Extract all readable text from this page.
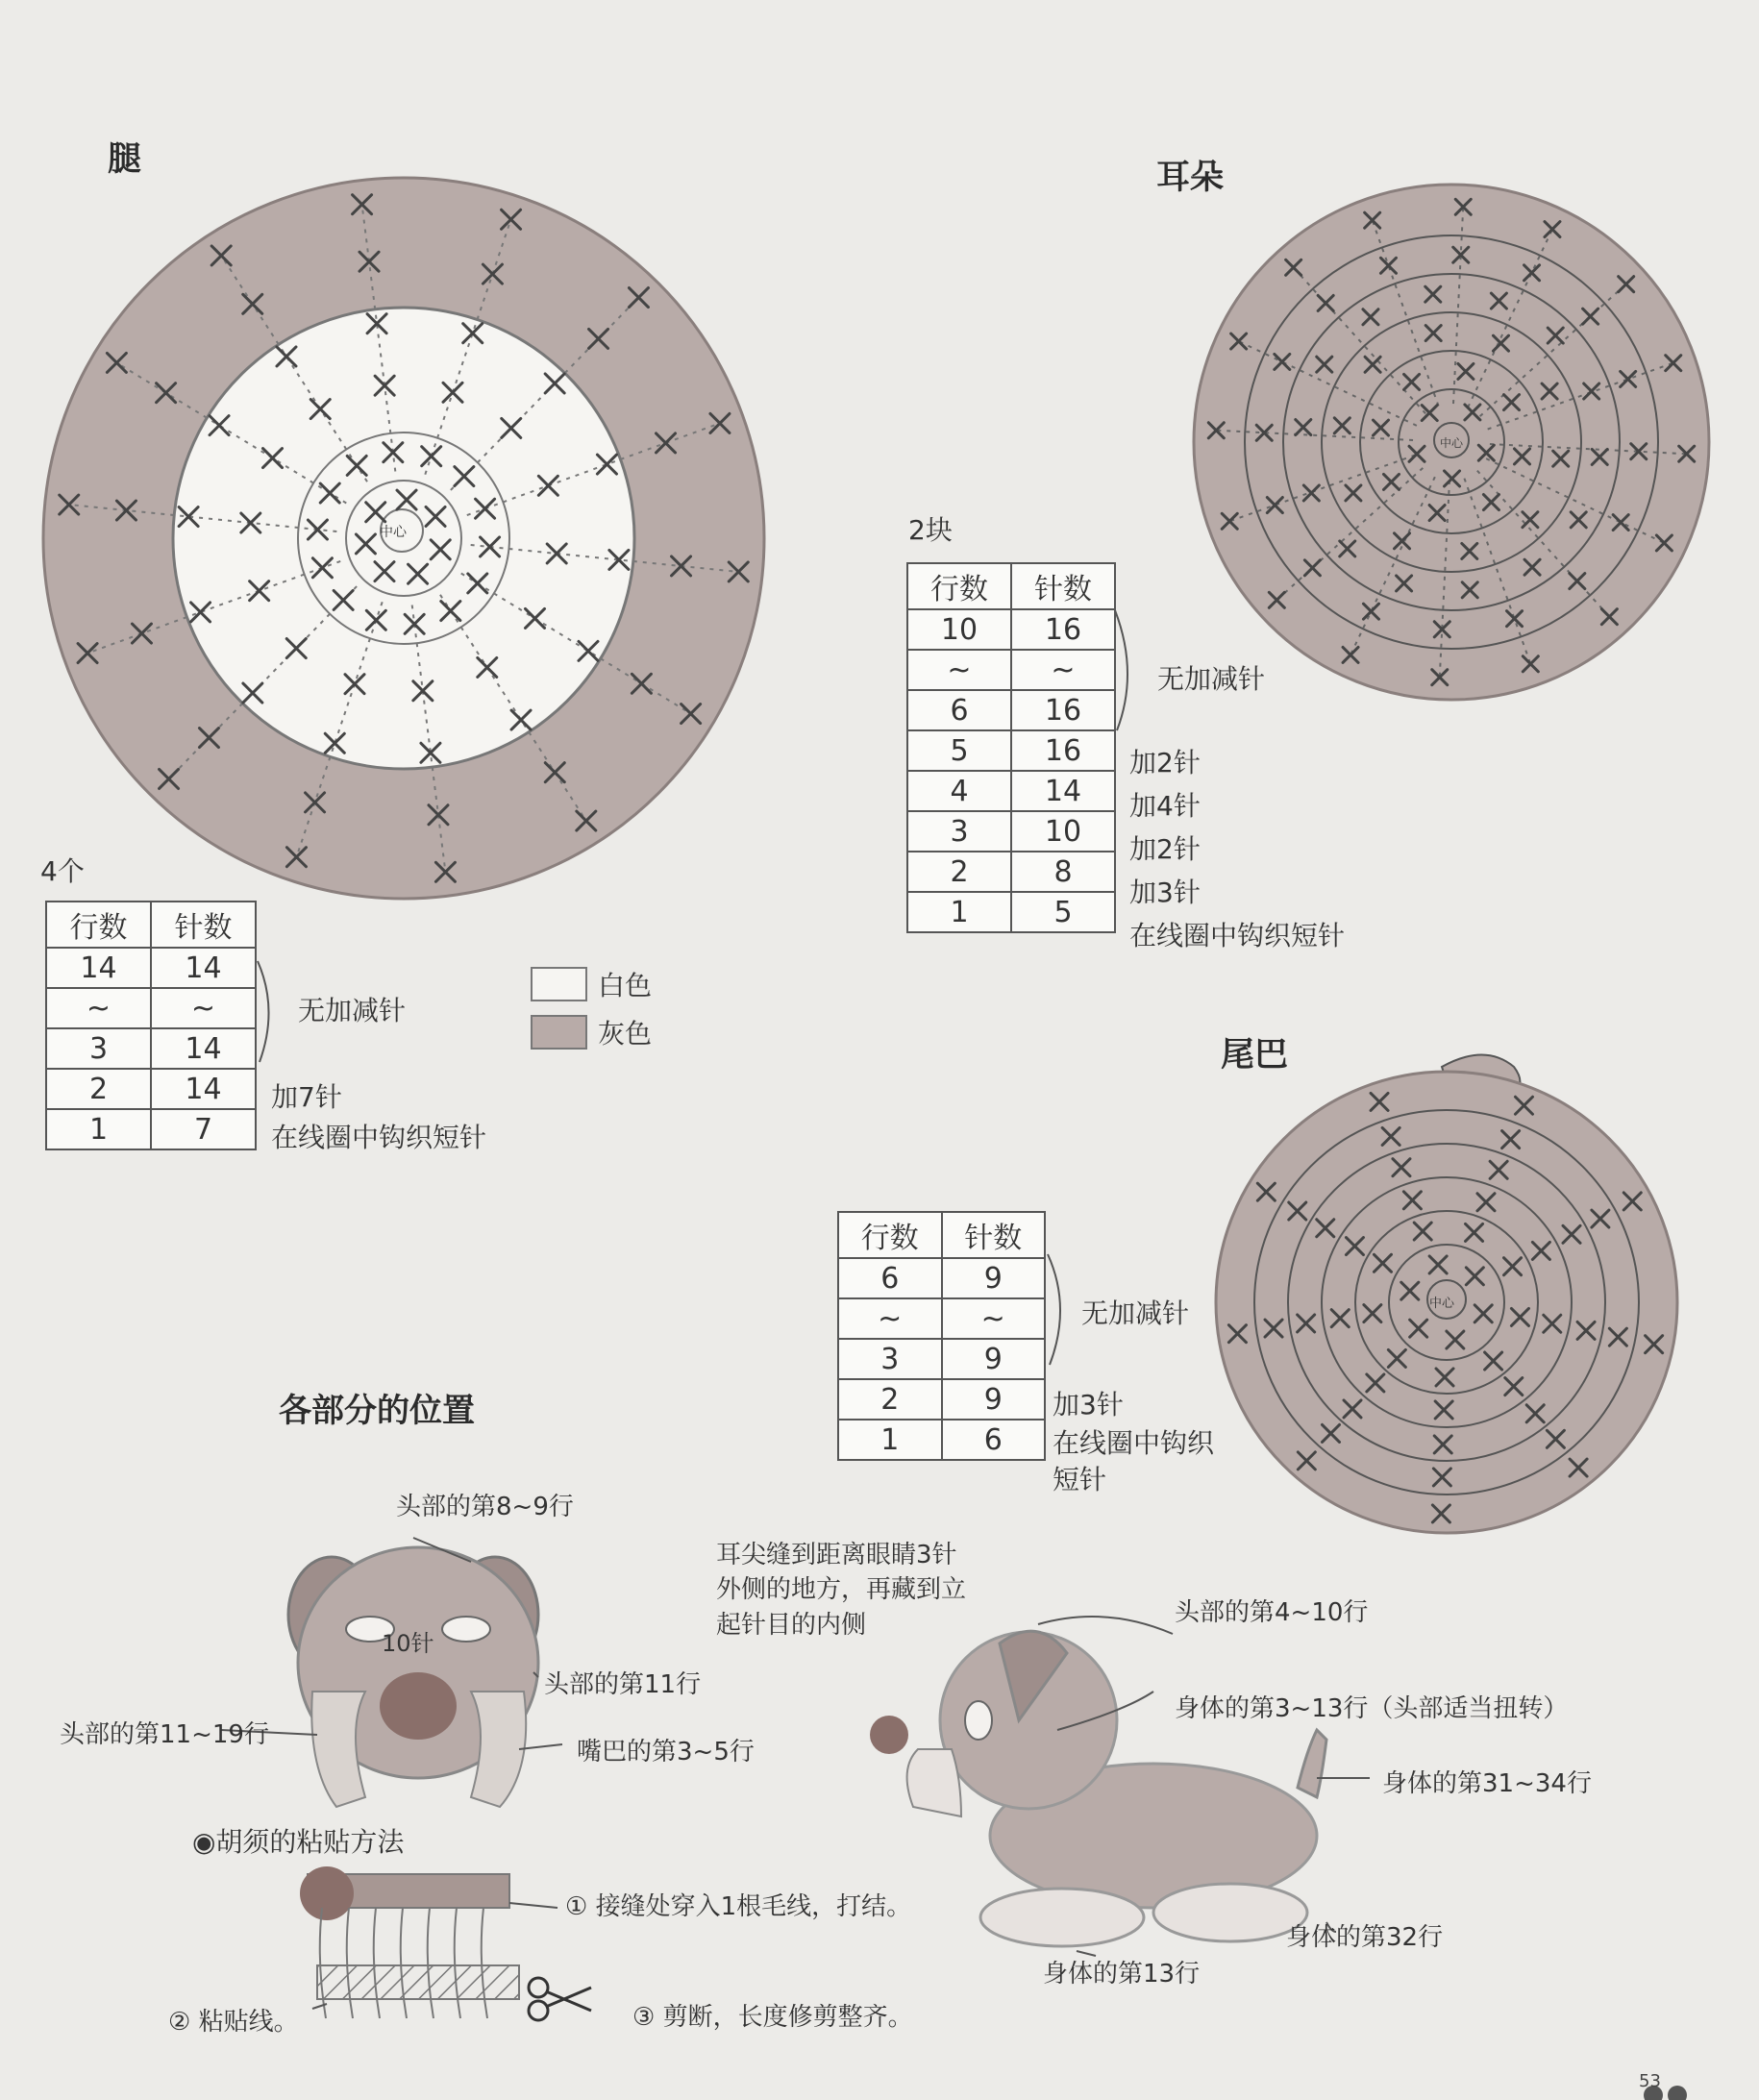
腿
中心
4个
行数	针数
14	14
~	~
3	14
2	14
1	7
无加减针
加7针
在线圈中钩织短针
白色
灰色
耳朵
中心
2块
行数	针数
10	16
~	~
6	16
5	16
4	14
3	10
2	8
1	5
无加减针
加2针
加4针
加2针
加3针
在线圈中钩织短针
尾巴
中心
行数	针数
6	9
~	~
3	9
2	9
1	6
无加减针
加3针
在线圈中钩织
短针
各部分的位置
头部的第8~9行
10针
头部的第11行
头部的第11~19行
嘴巴的第3~5行
耳尖缝到距离眼睛3针
外侧的地方，再藏到立
起针目的内侧	头部的第4~10行
身体的第3~13行（头部适当扭转）
身体的第31~34行
身体的第32行
身体的第13行
◉胡须的粘贴方法
① 接缝处穿入1根毛线，打结。
② 粘贴线。	③ 剪断，长度修剪整齐。
53
